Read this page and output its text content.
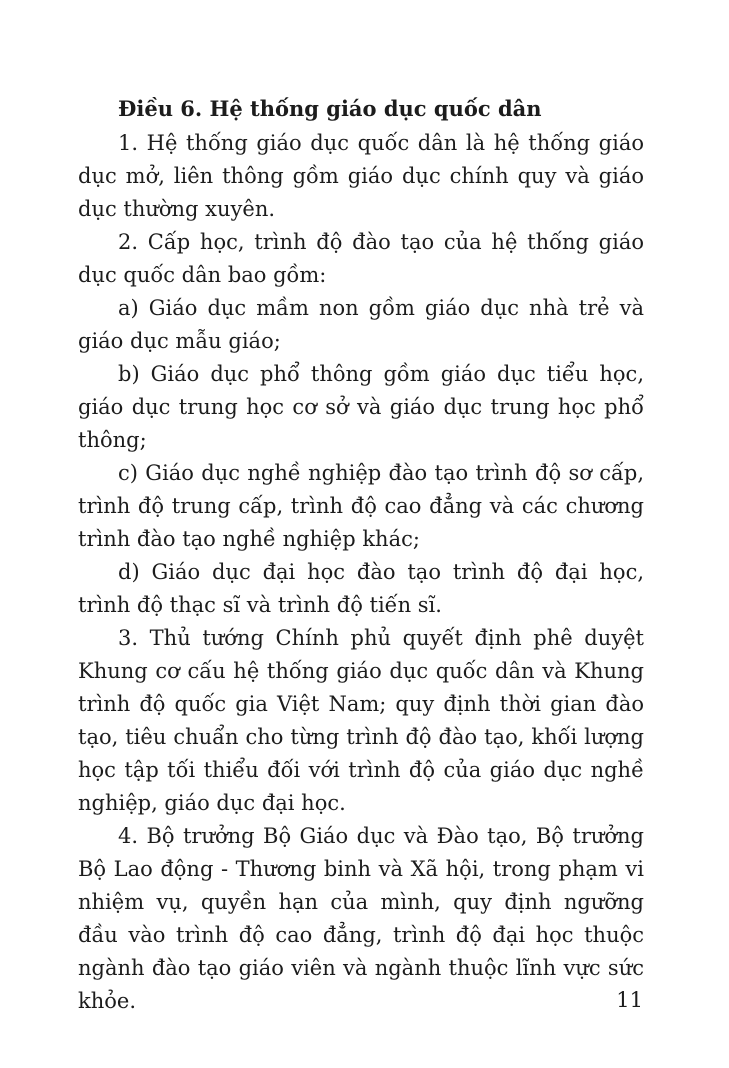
Điều 6. Hệ thống giáo dục quốc dân

1. Hệ thống giáo dục quốc dân là hệ thống giáo dục mở, liên thông gồm giáo dục chính quy và giáo dục thường xuyên.

2. Cấp học, trình độ đào tạo của hệ thống giáo dục quốc dân bao gồm:

a) Giáo dục mầm non gồm giáo dục nhà trẻ và giáo dục mẫu giáo;

b) Giáo dục phổ thông gồm giáo dục tiểu học, giáo dục trung học cơ sở và giáo dục trung học phổ thông;

c) Giáo dục nghề nghiệp đào tạo trình độ sơ cấp, trình độ trung cấp, trình độ cao đẳng và các chương trình đào tạo nghề nghiệp khác;

d) Giáo dục đại học đào tạo trình độ đại học, trình độ thạc sĩ và trình độ tiến sĩ.

3. Thủ tướng Chính phủ quyết định phê duyệt Khung cơ cấu hệ thống giáo dục quốc dân và Khung trình độ quốc gia Việt Nam; quy định thời gian đào tạo, tiêu chuẩn cho từng trình độ đào tạo, khối lượng học tập tối thiểu đối với trình độ của giáo dục nghề nghiệp, giáo dục đại học.

4. Bộ trưởng Bộ Giáo dục và Đào tạo, Bộ trưởng Bộ Lao động - Thương binh và Xã hội, trong phạm vi nhiệm vụ, quyền hạn của mình, quy định ngưỡng đầu vào trình độ cao đẳng, trình độ đại học thuộc ngành đào tạo giáo viên và ngành thuộc lĩnh vực sức khỏe.	11
